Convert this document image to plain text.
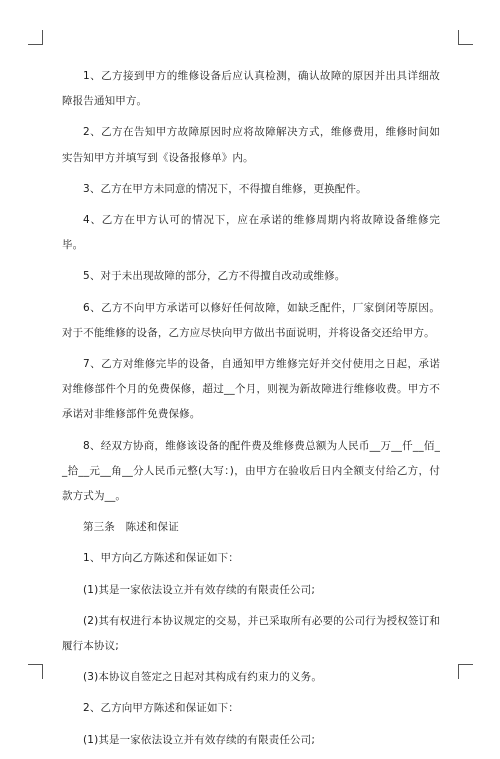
1、乙方接到甲方的维修设备后应认真检测，确认故障的原因并出具详细故障报告通知甲方。

2、乙方在告知甲方故障原因时应将故障解决方式，维修费用，维修时间如实告知甲方并填写到《设备报修单》内。

3、乙方在甲方未同意的情况下，不得擅自维修，更换配件。

4、乙方在甲方认可的情况下，应在承诺的维修周期内将故障设备维修完毕。

5、对于未出现故障的部分，乙方不得擅自改动或维修。

6、乙方不向甲方承诺可以修好任何故障，如缺乏配件，厂家倒闭等原因。对于不能维修的设备，乙方应尽快向甲方做出书面说明，并将设备交还给甲方。

7、乙方对维修完毕的设备，自通知甲方维修完好并交付使用之日起，承诺对维修部件个月的免费保修，超过__个月，则视为新故障进行维修收费。甲方不承诺对非维修部件免费保修。

8、经双方协商，维修该设备的配件费及维修费总额为人民币__万__仟__佰__拾__元__角__分人民币元整(大写：)，由甲方在验收后日内全额支付给乙方，付款方式为__。

第三条　陈述和保证

1、甲方向乙方陈述和保证如下：

(1)其是一家依法设立并有效存续的有限责任公司;

(2)其有权进行本协议规定的交易，并已采取所有必要的公司行为授权签订和履行本协议;

(3)本协议自签定之日起对其构成有约束力的义务。

2、乙方向甲方陈述和保证如下：

(1)其是一家依法设立并有效存续的有限责任公司;
